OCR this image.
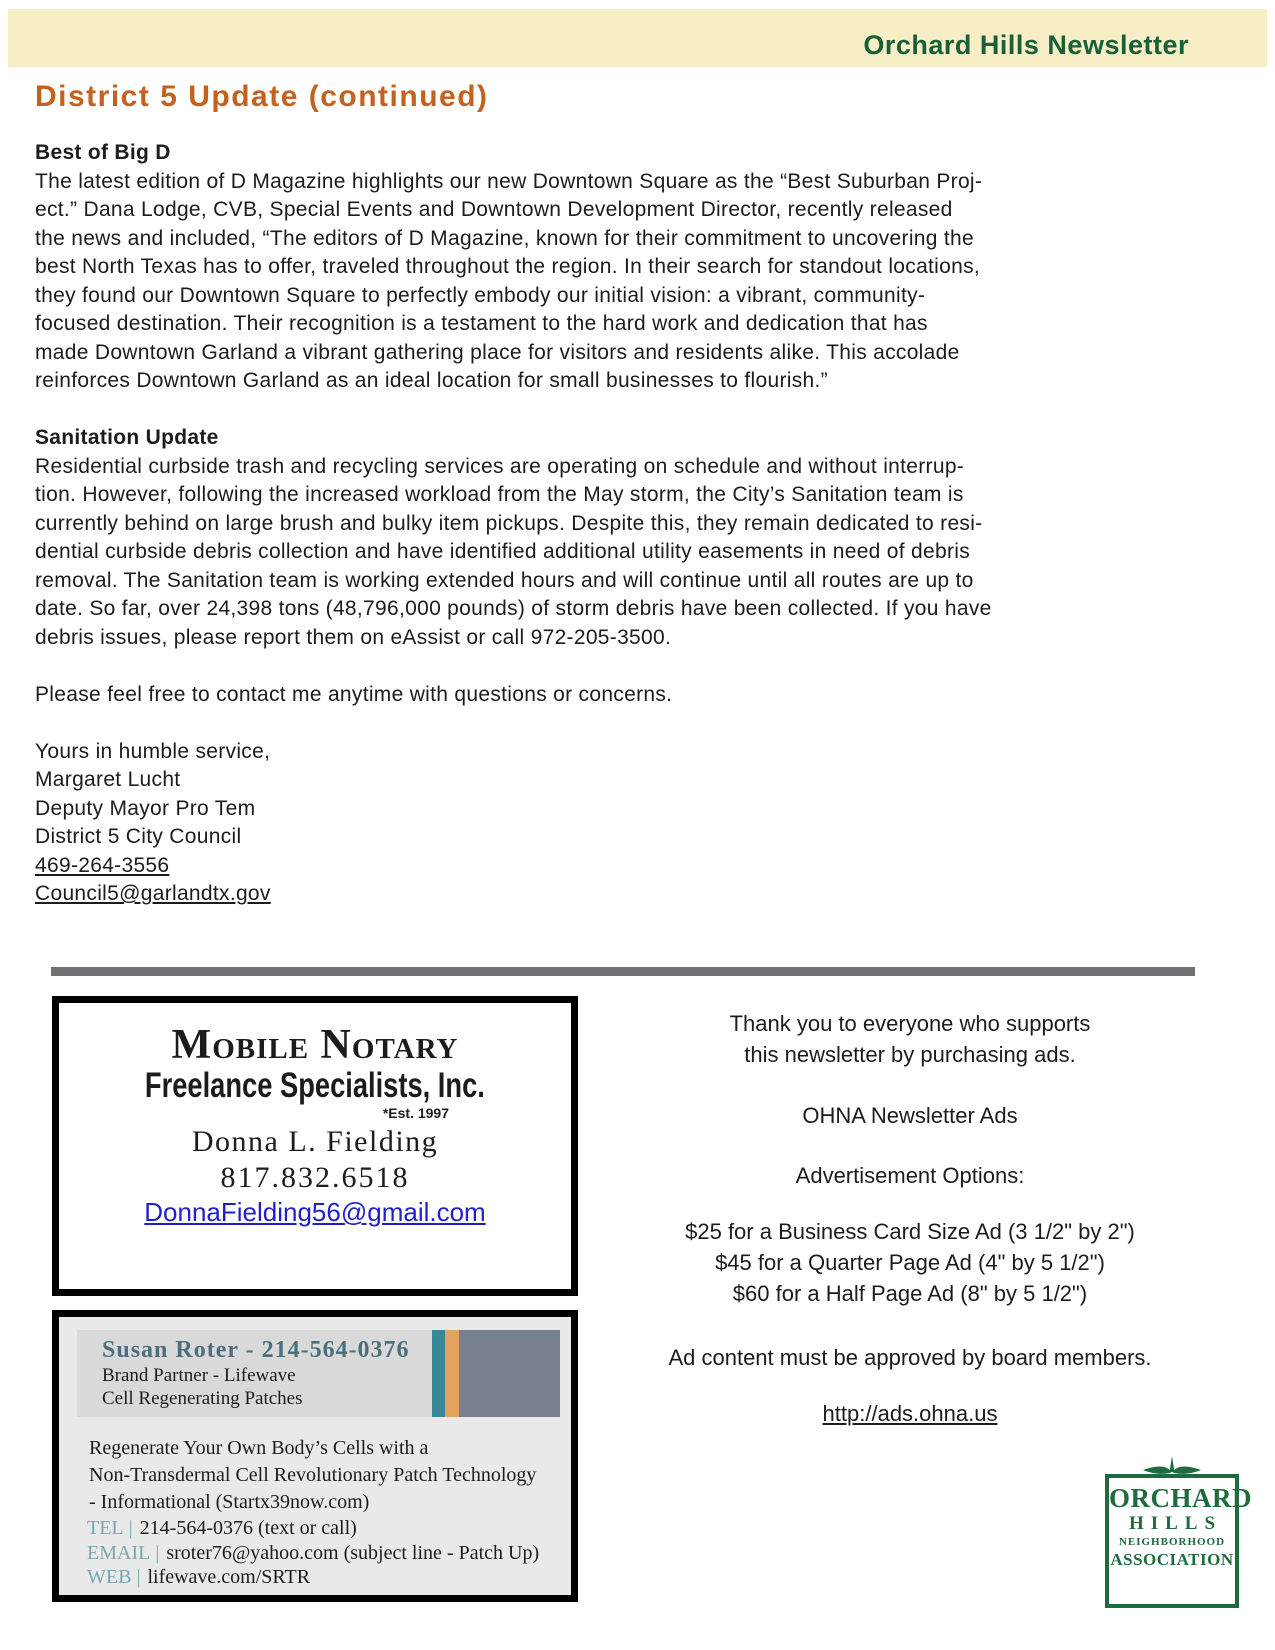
Orchard Hills Newsletter
District 5 Update (continued)
Best of Big D
The latest edition of D Magazine highlights our new Downtown Square as the “Best Suburban Proj-
ect.” Dana Lodge, CVB, Special Events and Downtown Development Director, recently released
the news and included, “The editors of D Magazine, known for their commitment to uncovering the
best North Texas has to offer, traveled throughout the region. In their search for standout locations,
they found our Downtown Square to perfectly embody our initial vision: a vibrant, community-
focused destination. Their recognition is a testament to the hard work and dedication that has
made Downtown Garland a vibrant gathering place for visitors and residents alike. This accolade
reinforces Downtown Garland as an ideal location for small businesses to flourish.”
Sanitation Update
Residential curbside trash and recycling services are operating on schedule and without interrup-
tion. However, following the increased workload from the May storm, the City’s Sanitation team is
currently behind on large brush and bulky item pickups. Despite this, they remain dedicated to resi-
dential curbside debris collection and have identified additional utility easements in need of debris
removal. The Sanitation team is working extended hours and will continue until all routes are up to
date. So far, over 24,398 tons (48,796,000 pounds) of storm debris have been collected. If you have
debris issues, please report them on eAssist or call 972-205-3500.
Please feel free to contact me anytime with questions or concerns.
Yours in humble service,
Margaret Lucht
Deputy Mayor Pro Tem
District 5 City Council
469-264-3556
Council5@garlandtx.gov
Mobile Notary
Freelance Specialists, Inc.
*Est. 1997
Donna L. Fielding
817.832.6518
DonnaFielding56@gmail.com
Susan Roter - 214-564-0376
Brand Partner - Lifewave
Cell Regenerating Patches
Regenerate Your Own Body’s Cells with a
Non-Transdermal Cell Revolutionary Patch Technology
- Informational (Startx39now.com)
TEL | 214-564-0376 (text or call)
EMAIL | sroter76@yahoo.com (subject line - Patch Up)
WEB | lifewave.com/SRTR
Thank you to everyone who supports
this newsletter by purchasing ads.
OHNA Newsletter Ads
Advertisement Options:
$25 for a Business Card Size Ad (3 1/2" by 2")
$45 for a Quarter Page Ad (4" by 5 1/2")
$60 for a Half Page Ad (8" by 5 1/2")
Ad content must be approved by board members.
http://ads.ohna.us
ORCHARD
HILLS
NEIGHBORHOOD
ASSOCIATION
